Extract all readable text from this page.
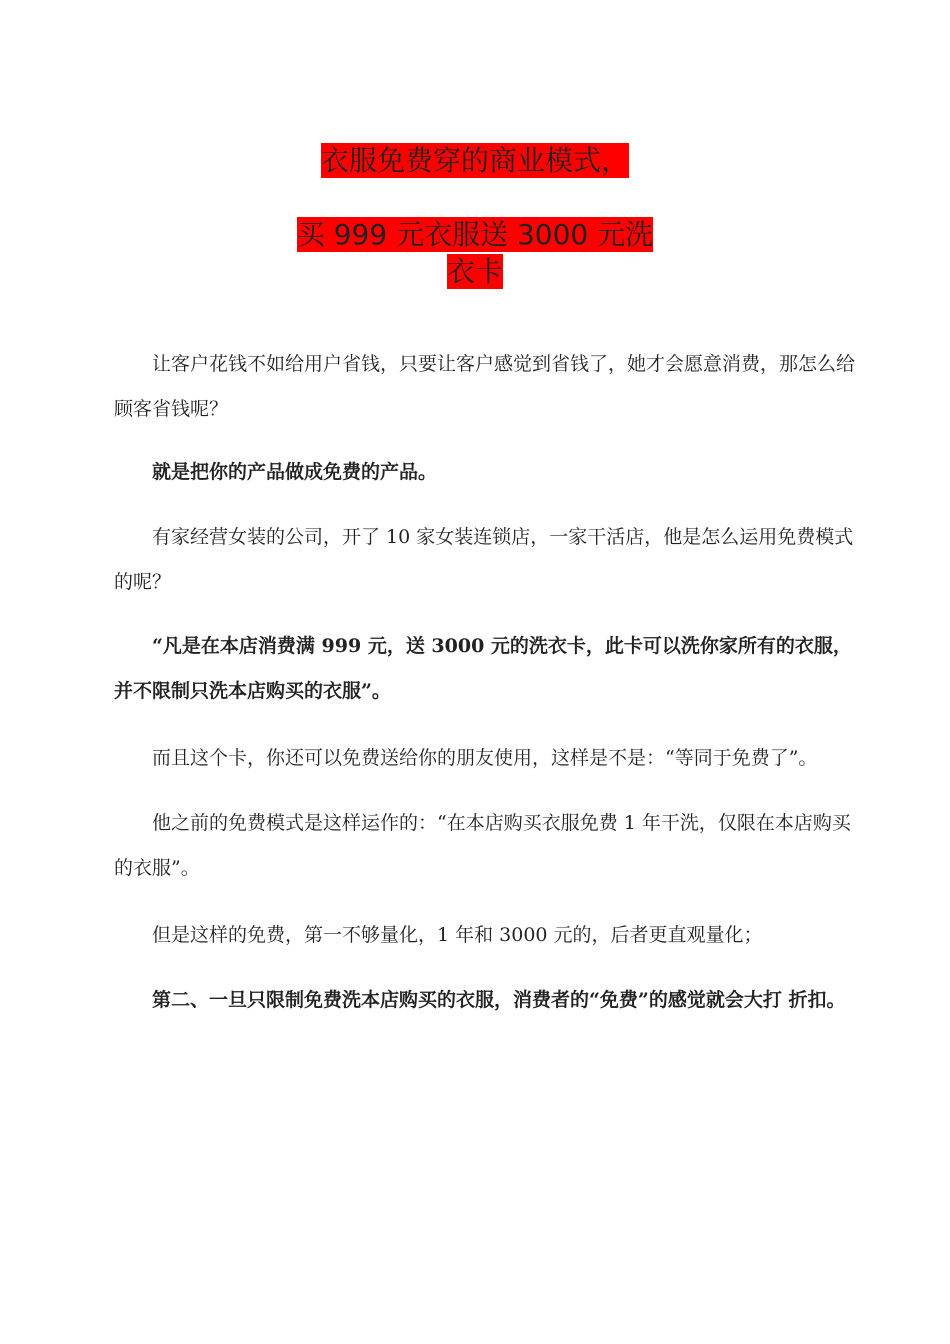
衣服免费穿的商业模式，
买 999 元衣服送 3000 元洗衣卡

让客户花钱不如给用户省钱，只要让客户感觉到省钱了，她才会愿意消费，那怎么给顾客省钱呢？

就是把你的产品做成免费的产品。

有家经营女装的公司，开了 10 家女装连锁店，一家干活店，他是怎么运用免费模式的呢？

“凡是在本店消费满 999 元，送 3000 元的洗衣卡，此卡可以洗你家所有的衣服，并不限制只洗本店购买的衣服”。

而且这个卡，你还可以免费送给你的朋友使用，这样是不是：“等同于免费了”。

他之前的免费模式是这样运作的：“在本店购买衣服免费 1 年干洗，仅限在本店购买的衣服”。

但是这样的免费，第一不够量化，1 年和 3000 元的，后者更直观量化；

第二、一旦只限制免费洗本店购买的衣服，消费者的“免费”的感觉就会大打 折扣。
